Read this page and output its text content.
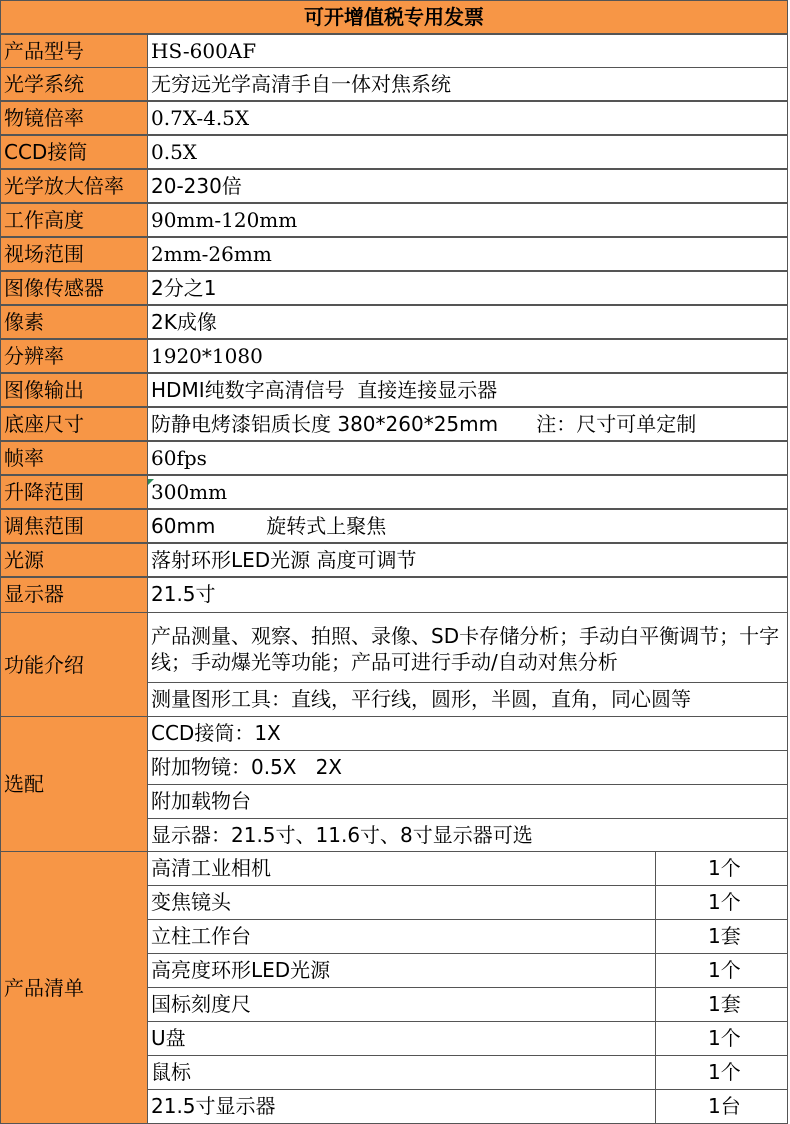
可开增值税专用发票
产品型号	HS-600AF
光学系统	无穷远光学高清手自一体对焦系统
物镜倍率	0.7X-4.5X
CCD接筒	0.5X
光学放大倍率	20-230倍
工作高度	90mm-120mm
视场范围	2mm-26mm
图像传感器	2分之1
像素	2K成像
分辨率	1920*1080
图像输出	HDMI纯数字高清信号  直接连接显示器
底座尺寸	防静电烤漆铝质长度 380*260*25mm      注：尺寸可单定制
帧率	60fps
升降范围	300mm
调焦范围	60mm        旋转式上聚焦
光源	落射环形LED光源 高度可调节
显示器	21.5寸
功能介绍
产品测量、观察、拍照、录像、SD卡存储分析；手动白平衡调节；十字线；手动爆光等功能；产品可进行手动/自动对焦分析
测量图形工具：直线，平行线，圆形，半圆，直角，同心圆等
选配
CCD接筒：1X
附加物镜：0.5X   2X
附加载物台
显示器：21.5寸、11.6寸、8寸显示器可选
产品清单
高清工业相机	1个
变焦镜头	1个
立柱工作台	1套
高亮度环形LED光源	1个
国标刻度尺	1套
U盘	1个
鼠标	1个
21.5寸显示器	1台
